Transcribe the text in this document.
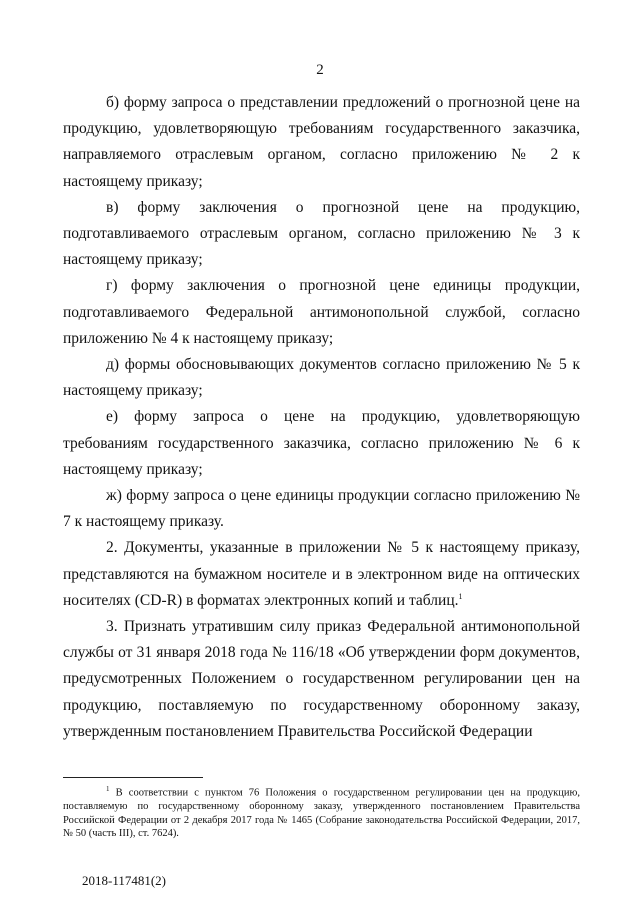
2

б) форму запроса о представлении предложений о прогнозной цене на продукцию, удовлетворяющую требованиям государственного заказчика, направляемого отраслевым органом, согласно приложению № 2 к настоящему приказу;

в) форму заключения о прогнозной цене на продукцию, подготавливаемого отраслевым органом, согласно приложению № 3 к настоящему приказу;

г) форму заключения о прогнозной цене единицы продукции, подготавливаемого Федеральной антимонопольной службой, согласно приложению № 4 к настоящему приказу;

д) формы обосновывающих документов согласно приложению № 5 к настоящему приказу;

е) форму запроса о цене на продукцию, удовлетворяющую требованиям государственного заказчика, согласно приложению № 6 к настоящему приказу;

ж) форму запроса о цене единицы продукции согласно приложению № 7 к настоящему приказу.

2. Документы, указанные в приложении № 5 к настоящему приказу, представляются на бумажном носителе и в электронном виде на оптических носителях (CD-R) в форматах электронных копий и таблиц.$^1$

3. Признать утратившим силу приказ Федеральной антимонопольной службы от 31 января 2018 года № 116/18 «Об утверждении форм документов, предусмотренных Положением о государственном регулировании цен на продукцию, поставляемую по государственному оборонному заказу, утвержденным постановлением Правительства Российской Федерации

$^1$ В соответствии с пунктом 76 Положения о государственном регулировании цен на продукцию, поставляемую по государственному оборонному заказу, утвержденного постановлением Правительства Российской Федерации от 2 декабря 2017 года № 1465 (Собрание законодательства Российской Федерации, 2017, № 50 (часть III), ст. 7624).
2018-117481(2)
